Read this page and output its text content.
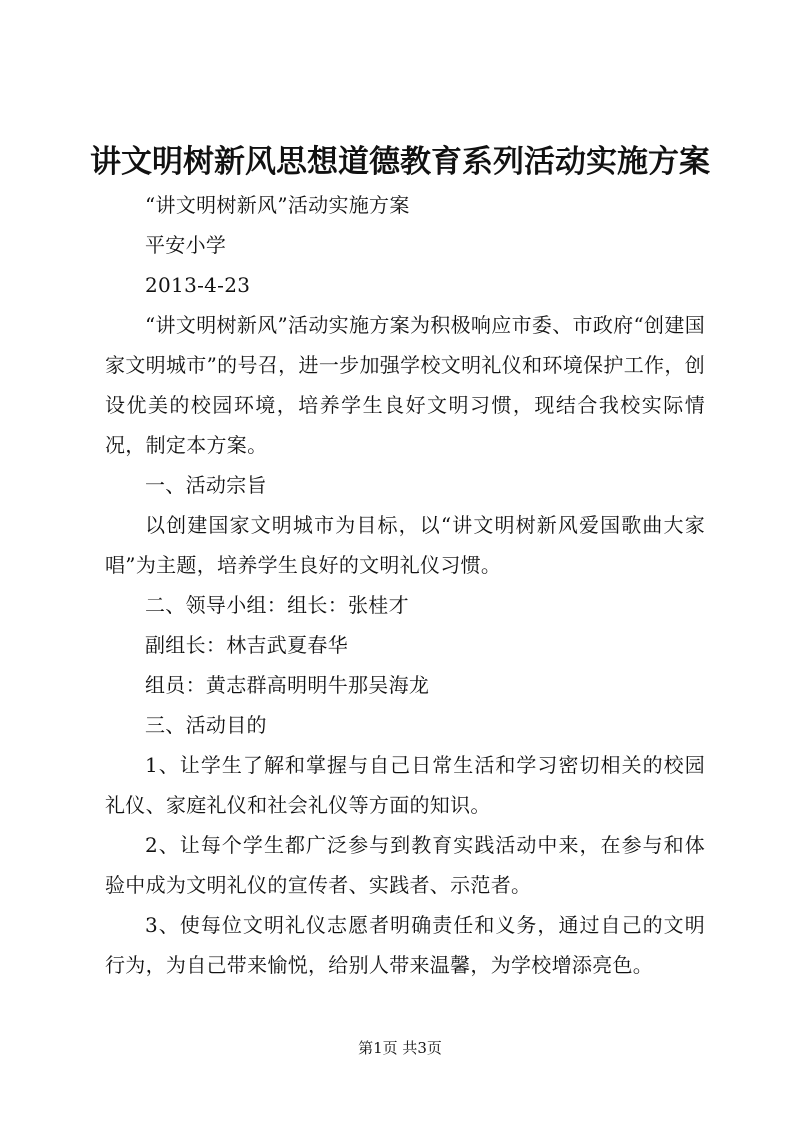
讲文明树新风思想道德教育系列活动实施方案

“讲文明树新风”活动实施方案

平安小学

2013-4-23

“讲文明树新风”活动实施方案为积极响应市委、市政府“创建国家文明城市”的号召，进一步加强学校文明礼仪和环境保护工作，创设优美的校园环境，培养学生良好文明习惯，现结合我校实际情况，制定本方案。

一、活动宗旨

以创建国家文明城市为目标，以“讲文明树新风爱国歌曲大家唱”为主题，培养学生良好的文明礼仪习惯。

二、领导小组：组长：张桂才

副组长：林吉武夏春华

组员：黄志群高明明牛那吴海龙

三、活动目的

1、让学生了解和掌握与自己日常生活和学习密切相关的校园礼仪、家庭礼仪和社会礼仪等方面的知识。

2、让每个学生都广泛参与到教育实践活动中来，在参与和体验中成为文明礼仪的宣传者、实践者、示范者。

3、使每位文明礼仪志愿者明确责任和义务，通过自己的文明行为，为自己带来愉悦，给别人带来温馨，为学校增添亮色。

第1页 共3页
